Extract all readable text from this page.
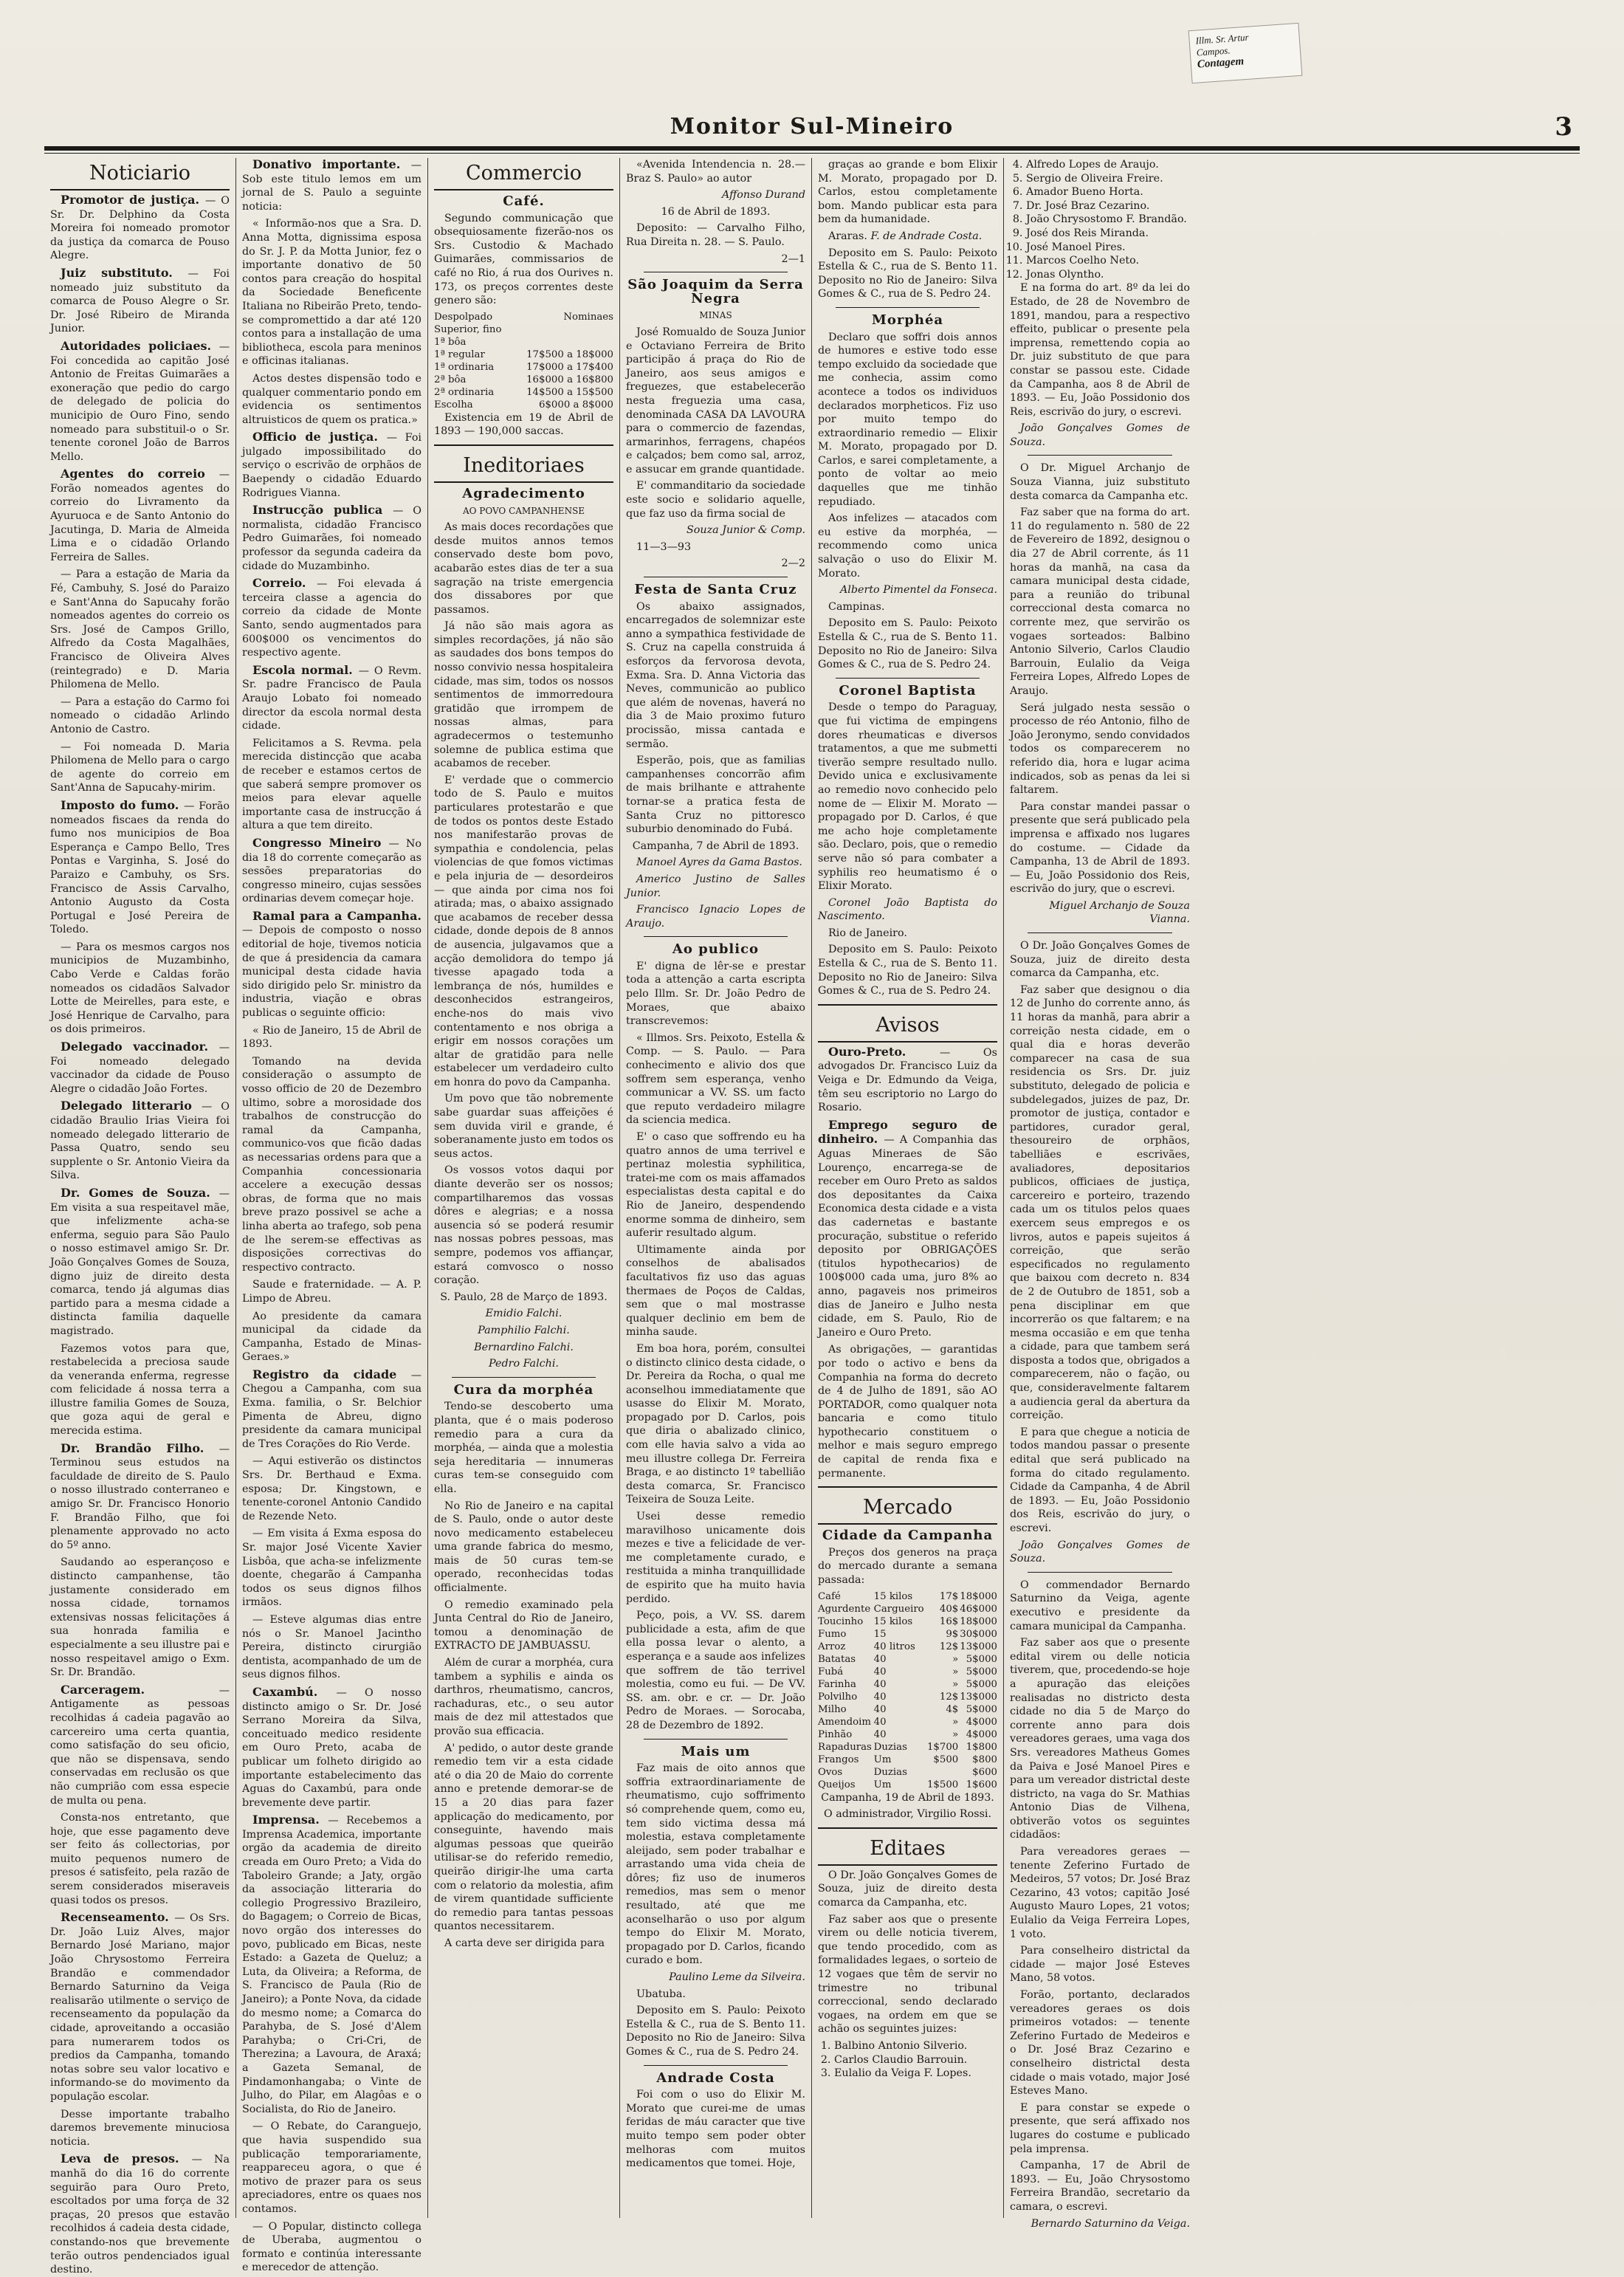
Illm. Sr. Artur
Campos.
Contagem
Monitor Sul-Mineiro	3
Noticiario

Promotor de justiça. — O Sr. Dr. Delphino da Costa Moreira foi nomeado promotor da justiça da comarca de Pouso Alegre.

Juiz substituto. — Foi nomeado juiz substituto da comarca de Pouso Alegre o Sr. Dr. José Ribeiro de Miranda Junior.

Autoridades policiaes. — Foi concedida ao capitão José Antonio de Freitas Guimarães a exoneração que pedio do cargo de delegado de policia do municipio de Ouro Fino, sendo nomeado para substituil-o o Sr. tenente coronel João de Barros Mello.

Agentes do correio — Forão nomeados agentes do correio do Livramento da Ayuruoca e de Santo Antonio do Jacutinga, D. Maria de Almeida Lima e o cidadão Orlando Ferreira de Salles.

— Para a estação de Maria da Fé, Cambuhy, S. José do Paraizo e Sant'Anna do Sapucahy forão nomeados agentes do correio os Srs. José de Campos Grillo, Alfredo da Costa Magalhães, Francisco de Oliveira Alves (reintegrado) e D. Maria Philomena de Mello.

— Para a estação do Carmo foi nomeado o cidadão Arlindo Antonio de Castro.

— Foi nomeada D. Maria Philomena de Mello para o cargo de agente do correio em Sant'Anna de Sapucahy-mirim.

Imposto do fumo. — Forão nomeados fiscaes da renda do fumo nos municipios de Boa Esperança e Campo Bello, Tres Pontas e Varginha, S. José do Paraizo e Cambuhy, os Srs. Francisco de Assis Carvalho, Antonio Augusto da Costa Portugal e José Pereira de Toledo.

— Para os mesmos cargos nos municipios de Muzambinho, Cabo Verde e Caldas forão nomeados os cidadãos Salvador Lotte de Meirelles, para este, e José Henrique de Carvalho, para os dois primeiros.

Delegado vaccinador. — Foi nomeado delegado vaccinador da cidade de Pouso Alegre o cidadão João Fortes.

Delegado litterario — O cidadão Braulio Irias Vieira foi nomeado delegado litterario de Passa Quatro, sendo seu supplente o Sr. Antonio Vieira da Silva.

Dr. Gomes de Souza. — Em visita a sua respeitavel mãe, que infelizmente acha-se enferma, seguio para São Paulo o nosso estimavel amigo Sr. Dr. João Gonçalves Gomes de Souza, digno juiz de direito desta comarca, tendo já algumas dias partido para a mesma cidade a distincta familia daquelle magistrado.

Fazemos votos para que, restabelecida a preciosa saude da veneranda enferma, regresse com felicidade á nossa terra a illustre familia Gomes de Souza, que goza aqui de geral e merecida estima.

Dr. Brandão Filho. — Terminou seus estudos na faculdade de direito de S. Paulo o nosso illustrado conterraneo e amigo Sr. Dr. Francisco Honorio F. Brandão Filho, que foi plenamente approvado no acto do 5º anno.

Saudando ao esperançoso e distincto campanhense, tão justamente considerado em nossa cidade, tornamos extensivas nossas felicitações á sua honrada familia e especialmente a seu illustre pai e nosso respeitavel amigo o Exm. Sr. Dr. Brandão.

Carceragem. — Antigamente as pessoas recolhidas á cadeia pagavão ao carcereiro uma certa quantia, como satisfação do seu oficio, que não se dispensava, sendo conservadas em reclusão os que não cumprião com essa especie de multa ou pena.

Consta-nos entretanto, que hoje, que esse pagamento deve ser feito ás collectorias, por muito pequenos numero de presos é satisfeito, pela razão de serem considerados miseraveis quasi todos os presos.

Recenseamento. — Os Srs. Dr. João Luiz Alves, major Bernardo José Mariano, major João Chrysostomo Ferreira Brandão e commendador Bernardo Saturnino da Veiga realisarão utilmente o serviço de recenseamento da população da cidade, aproveitando a occasião para numerarem todos os predios da Campanha, tomando notas sobre seu valor locativo e informando-se do movimento da população escolar.

Desse importante trabalho daremos brevemente minuciosa noticia.

Leva de presos. — Na manhã do dia 16 do corrente seguirão para Ouro Preto, escoltados por uma força de 32 praças, 20 presos que estavão recolhidos á cadeia desta cidade, constando-nos que brevemente terão outros pendenciados igual destino.

Donativo importante. — Sob este titulo lemos em um jornal de S. Paulo a seguinte noticia:

« Informão-nos que a Sra. D. Anna Motta, dignissima esposa do Sr. J. P. da Motta Junior, fez o importante donativo de 50 contos para creação do hospital da Sociedade Beneficente Italiana no Ribeirão Preto, tendo-se compromettido a dar até 120 contos para a installação de uma bibliotheca, escola para meninos e officinas italianas.

Actos destes dispensão todo e qualquer commentario pondo em evidencia os sentimentos altruisticos de quem os pratica.»

Officio de justiça. — Foi julgado impossibilitado do serviço o escrivão de orphãos de Baependy o cidadão Eduardo Rodrigues Vianna.

Instrucção publica — O normalista, cidadão Francisco Pedro Guimarães, foi nomeado professor da segunda cadeira da cidade do Muzambinho.

Correio. — Foi elevada á terceira classe a agencia do correio da cidade de Monte Santo, sendo augmentados para 600$000 os vencimentos do respectivo agente.

Escola normal. — O Revm. Sr. padre Francisco de Paula Araujo Lobato foi nomeado director da escola normal desta cidade.

Felicitamos a S. Revma. pela merecida distincção que acaba de receber e estamos certos de que saberá sempre promover os meios para elevar aquelle importante casa de instrucção á altura a que tem direito.

Congresso Mineiro — No dia 18 do corrente começarão as sessões preparatorias do congresso mineiro, cujas sessões ordinarias devem começar hoje.

Ramal para a Campanha. — Depois de composto o nosso editorial de hoje, tivemos noticia de que á presidencia da camara municipal desta cidade havia sido dirigido pelo Sr. ministro da industria, viação e obras publicas o seguinte officio:

« Rio de Janeiro, 15 de Abril de 1893.

Tomando na devida consideração o assumpto de vosso officio de 20 de Dezembro ultimo, sobre a morosidade dos trabalhos de construcção do ramal da Campanha, communico-vos que ficão dadas as necessarias ordens para que a Companhia concessionaria accelere a execução dessas obras, de forma que no mais breve prazo possivel se ache a linha aberta ao trafego, sob pena de lhe serem-se effectivas as disposições correctivas do respectivo contracto.

Saude e fraternidade. — A. P. Limpo de Abreu.

Ao presidente da camara municipal da cidade da Campanha, Estado de Minas-Geraes.»

Registro da cidade — Chegou a Campanha, com sua Exma. familia, o Sr. Belchior Pimenta de Abreu, digno presidente da camara municipal de Tres Corações do Rio Verde.

— Aqui estiverão os distinctos Srs. Dr. Berthaud e Exma. esposa; Dr. Kingstown, e tenente-coronel Antonio Candido de Rezende Neto.

— Em visita á Exma esposa do Sr. major José Vicente Xavier Lisbôa, que acha-se infelizmente doente, chegarão á Campanha todos os seus dignos filhos irmãos.

— Esteve algumas dias entre nós o Sr. Manoel Jacintho Pereira, distincto cirurgião dentista, acompanhado de um de seus dignos filhos.

Caxambú. — O nosso distincto amigo o Sr. Dr. José Serrano Moreira da Silva, conceituado medico residente em Ouro Preto, acaba de publicar um folheto dirigido ao importante estabelecimento das Aguas do Caxambú, para onde brevemente deve partir.

Imprensa. — Recebemos a Imprensa Academica, importante orgão da academia de direito creada em Ouro Preto; a Vida do Taboleiro Grande; a Jaty, orgão da associação litteraria do collegio Progressivo Brazileiro, do Bagagem; o Correio de Bicas, novo orgão dos interesses do povo, publicado em Bicas, neste Estado: a Gazeta de Queluz; a Luta, da Oliveira; a Reforma, de S. Francisco de Paula (Rio de Janeiro); a Ponte Nova, da cidade do mesmo nome; a Comarca do Parahyba, de S. José d'Alem Parahyba; o Cri-Cri, de Therezina; a Lavoura, de Araxá; a Gazeta Semanal, de Pindamonhangaba; o Vinte de Julho, do Pilar, em Alagôas e o Socialista, do Rio de Janeiro.

— O Rebate, do Caranguejo, que havia suspendido sua publicação temporariamente, reappareceu agora, o que é motivo de prazer para os seus apreciadores, entre os quaes nos contamos.

— O Popular, distincto collega de Uberaba, augmentou o formato e continúa interessante e merecedor de attenção.

Commercio
Café.

Segundo communicação que obsequiosamente fizerão-nos os Srs. Custodio & Machado Guimarães, commissarios de café no Rio, á rua dos Ourives n. 173, os preços correntes deste genero são:

Despolpado	Nominaes
Superior, fino	
1ª bôa	
1ª regular	17$500 a 18$000
1ª ordinaria	17$000 a 17$400
2ª bôa	16$000 a 16$800
2ª ordinaria	14$500 a 15$500
Escolha	6$000 a 8$000

Existencia em 19 de Abril de 1893 — 190,000 saccas.

Ineditoriaes
Agradecimento

AO POVO CAMPANHENSE

As mais doces recordações que desde muitos annos temos conservado deste bom povo, acabarão estes dias de ter a sua sagração na triste emergencia dos dissabores por que passamos.

Já não são mais agora as simples recordações, já não são as saudades dos bons tempos do nosso convivio nessa hospitaleira cidade, mas sim, todos os nossos sentimentos de immorredoura gratidão que irrompem de nossas almas, para agradecermos o testemunho solemne de publica estima que acabamos de receber.

E' verdade que o commercio todo de S. Paulo e muitos particulares protestarão e que de todos os pontos deste Estado nos manifestarão provas de sympathia e condolencia, pelas violencias de que fomos victimas e pela injuria de — desordeiros — que ainda por cima nos foi atirada; mas, o abaixo assignado que acabamos de receber dessa cidade, donde depois de 8 annos de ausencia, julgavamos que a acção demolidora do tempo já tivesse apagado toda a lembrança de nós, humildes e desconhecidos estrangeiros, enche-nos do mais vivo contentamento e nos obriga a erigir em nossos corações um altar de gratidão para nelle estabelecer um verdadeiro culto em honra do povo da Campanha.

Um povo que tão nobremente sabe guardar suas affeições é sem duvida viril e grande, é soberanamente justo em todos os seus actos.

Os vossos votos daqui por diante deverão ser os nossos; compartilharemos das vossas dôres e alegrias; e a nossa ausencia só se poderá resumir nas nossas pobres pessoas, mas sempre, podemos vos affiançar, estará comvosco o nosso coração.

S. Paulo, 28 de Março de 1893.

Emidio Falchi.

Pamphilio Falchi.

Bernardino Falchi.

Pedro Falchi.

Cura da morphéa

Tendo-se descoberto uma planta, que é o mais poderoso remedio para a cura da morphéa, — ainda que a molestia seja hereditaria — innumeras curas tem-se conseguido com ella.

No Rio de Janeiro e na capital de S. Paulo, onde o autor deste novo medicamento estabeleceu uma grande fabrica do mesmo, mais de 50 curas tem-se operado, reconhecidas todas officialmente.

O remedio examinado pela Junta Central do Rio de Janeiro, tomou a denominação de EXTRACTO DE JAMBUASSU.

Além de curar a morphéa, cura tambem a syphilis e ainda os darthros, rheumatismo, cancros, rachaduras, etc., o seu autor mais de dez mil attestados que provão sua efficacia.

A' pedido, o autor deste grande remedio tem vir a esta cidade até o dia 20 de Maio do corrente anno e pretende demorar-se de 15 a 20 dias para fazer applicação do medicamento, por conseguinte, havendo mais algumas pessoas que queirão utilisar-se do referido remedio, queirão dirigir-lhe uma carta com o relatorio da molestia, afim de virem quantidade sufficiente do remedio para tantas pessoas quantos necessitarem.

A carta deve ser dirigida para

«Avenida Intendencia n. 28.—Braz S. Paulo» ao autor

Affonso Durand

16 de Abril de 1893.

Deposito: — Carvalho Filho, Rua Direita n. 28. — S. Paulo.

2—1

São Joaquim da Serra Negra

MINAS

José Romualdo de Souza Junior e Octaviano Ferreira de Brito participão á praça do Rio de Janeiro, aos seus amigos e freguezes, que estabelecerão nesta freguezia uma casa, denominada CASA DA LAVOURA para o commercio de fazendas, armarinhos, ferragens, chapéos e calçados; bem como sal, arroz, e assucar em grande quantidade.

E' commanditario da sociedade este socio e solidario aquelle, que faz uso da firma social de

Souza Junior & Comp.

11—3—93

2—2

Festa de Santa Cruz

Os abaixo assignados, encarregados de solemnizar este anno a sympathica festividade de S. Cruz na capella construida á esforços da fervorosa devota, Exma. Sra. D. Anna Victoria das Neves, communicão ao publico que além de novenas, haverá no dia 3 de Maio proximo futuro procissão, missa cantada e sermão.

Esperão, pois, que as familias campanhenses concorrão afim de mais brilhante e attrahente tornar-se a pratica festa de Santa Cruz no pittoresco suburbio denominado do Fubá.

Campanha, 7 de Abril de 1893.

Manoel Ayres da Gama Bastos.

Americo Justino de Salles Junior.

Francisco Ignacio Lopes de Araujo.

Ao publico

E' digna de lêr-se e prestar toda a attenção a carta escripta pelo Illm. Sr. Dr. João Pedro de Moraes, que abaixo transcrevemos:

« Illmos. Srs. Peixoto, Estella & Comp. — S. Paulo. — Para conhecimento e alivio dos que soffrem sem esperança, venho communicar a VV. SS. um facto que reputo verdadeiro milagre da sciencia medica.

E' o caso que soffrendo eu ha quatro annos de uma terrivel e pertinaz molestia syphilitica, tratei-me com os mais affamados especialistas desta capital e do Rio de Janeiro, despendendo enorme somma de dinheiro, sem auferir resultado algum.

Ultimamente ainda por conselhos de abalisados facultativos fiz uso das aguas thermaes de Poços de Caldas, sem que o mal mostrasse qualquer declinio em bem de minha saude.

Em boa hora, porém, consultei o distincto clinico desta cidade, o Dr. Pereira da Rocha, o qual me aconselhou immediatamente que usasse do Elixir M. Morato, propagado por D. Carlos, pois que diria o abalizado clinico, com elle havia salvo a vida ao meu illustre collega Dr. Ferreira Braga, e ao distincto 1º tabellião desta comarca, Sr. Francisco Teixeira de Souza Leite.

Usei desse remedio maravilhoso unicamente dois mezes e tive a felicidade de ver-me completamente curado, e restituida a minha tranquillidade de espirito que ha muito havia perdido.

Peço, pois, a VV. SS. darem publicidade a esta, afim de que ella possa levar o alento, a esperança e a saude aos infelizes que soffrem de tão terrivel molestia, como eu fui. — De VV. SS. am. obr. e cr. — Dr. João Pedro de Moraes. — Sorocaba, 28 de Dezembro de 1892.

Mais um

Faz mais de oito annos que soffria extraordinariamente de rheumatismo, cujo soffrimento só comprehende quem, como eu, tem sido victima dessa má molestia, estava completamente aleijado, sem poder trabalhar e arrastando uma vida cheia de dôres; fiz uso de inumeros remedios, mas sem o menor resultado, até que me aconselharão o uso por algum tempo do Elixir M. Morato, propagado por D. Carlos, ficando curado e bom.

Paulino Leme da Silveira.

Ubatuba.

Deposito em S. Paulo: Peixoto Estella & C., rua de S. Bento 11. Deposito no Rio de Janeiro: Silva Gomes & C., rua de S. Pedro 24.

Andrade Costa

Foi com o uso do Elixir M. Morato que curei-me de umas feridas de máu caracter que tive muito tempo sem poder obter melhoras com muitos medicamentos que tomei. Hoje,

graças ao grande e bom Elixir M. Morato, propagado por D. Carlos, estou completamente bom. Mando publicar esta para bem da humanidade.

Araras. F. de Andrade Costa.

Deposito em S. Paulo: Peixoto Estella & C., rua de S. Bento 11. Deposito no Rio de Janeiro: Silva Gomes & C., rua de S. Pedro 24.

Morphéa

Declaro que soffri dois annos de humores e estive todo esse tempo excluido da sociedade que me conhecia, assim como acontece a todos os individuos declarados morpheticos. Fiz uso por muito tempo do extraordinario remedio — Elixir M. Morato, propagado por D. Carlos, e sarei completamente, a ponto de voltar ao meio daquelles que me tinhão repudiado.

Aos infelizes — atacados com eu estive da morphéa, — recommendo como unica salvação o uso do Elixir M. Morato.

Alberto Pimentel da Fonseca.

Campinas.

Deposito em S. Paulo: Peixoto Estella & C., rua de S. Bento 11. Deposito no Rio de Janeiro: Silva Gomes & C., rua de S. Pedro 24.

Coronel Baptista

Desde o tempo do Paraguay, que fui victima de empingens dores rheumaticas e diversos tratamentos, a que me submetti tiverão sempre resultado nullo. Devido unica e exclusivamente ao remedio novo conhecido pelo nome de — Elixir M. Morato — propagado por D. Carlos, é que me acho hoje completamente são. Declaro, pois, que o remedio serve não só para combater a syphilis reo heumatismo é o Elixir Morato.

Coronel João Baptista do Nascimento.

Rio de Janeiro.

Deposito em S. Paulo: Peixoto Estella & C., rua de S. Bento 11. Deposito no Rio de Janeiro: Silva Gomes & C., rua de S. Pedro 24.

Avisos

Ouro-Preto. — Os advogados Dr. Francisco Luiz da Veiga e Dr. Edmundo da Veiga, têm seu escriptorio no Largo do Rosario.

Emprego seguro de dinheiro. — A Companhia das Aguas Mineraes de São Lourenço, encarrega-se de receber em Ouro Preto as saldos dos depositantes da Caixa Economica desta cidade e a vista das cadernetas e bastante procuração, substitue o referido deposito por OBRIGAÇÕES (titulos hypothecarios) de 100$000 cada uma, juro 8% ao anno, pagaveis nos primeiros dias de Janeiro e Julho nesta cidade, em S. Paulo, Rio de Janeiro e Ouro Preto.

As obrigações, — garantidas por todo o activo e bens da Companhia na forma do decreto de 4 de Julho de 1891, são AO PORTADOR, como qualquer nota bancaria e como titulo hypothecario constituem o melhor e mais seguro emprego de capital de renda fixa e permanente.

Mercado
Cidade da Campanha

Preços dos generos na praça do mercado durante a semana passada:

Café	15 kilos	17$	18$000
Agurdente	Cargueiro	40$	46$000
Toucinho	15 kilos	16$	18$000
Fumo	15	9$	30$000
Arroz	40 litros	12$	13$000
Batatas	40	»	5$000
Fubá	40	»	5$000
Farinha	40	»	5$000
Polvilho	40	12$	13$000
Milho	40	4$	5$000
Amendoim	40	»	4$000
Pinhão	40	»	4$000
Rapaduras	Duzias	1$700	1$800
Frangos	Um	$500	$800
Ovos	Duzias		$600
Queijos	Um	1$500	1$600

Campanha, 19 de Abril de 1893.

O administrador, Virgilio Rossi.

Editaes

O Dr. João Gonçalves Gomes de Souza, juiz de direito desta comarca da Campanha, etc.

Faz saber aos que o presente virem ou delle noticia tiverem, que tendo procedido, com as formalidades legaes, o sorteio de 12 vogaes que têm de servir no trimestre no tribunal correccional, sendo declarado vogaes, na ordem em que se achão os seguintes juizes:

1. Balbino Antonio Silverio.
2. Carlos Claudio Barrouin.
3. Eulalio da Veiga F. Lopes.
4. Alfredo Lopes de Araujo.
5. Sergio de Oliveira Freire.
6. Amador Bueno Horta.
7. Dr. José Braz Cezarino.
8. João Chrysostomo F. Brandão.
9. José dos Reis Miranda.
10. José Manoel Pires.
11. Marcos Coelho Neto.
12. Jonas Olyntho.

E na forma do art. 8º da lei do Estado, de 28 de Novembro de 1891, mandou, para a respectivo effeito, publicar o presente pela imprensa, remettendo copia ao Dr. juiz substituto de que para constar se passou este. Cidade da Campanha, aos 8 de Abril de 1893. — Eu, João Possidonio dos Reis, escrivão do jury, o escrevi.

João Gonçalves Gomes de Souza.

O Dr. Miguel Archanjo de Souza Vianna, juiz substituto desta comarca da Campanha etc.

Faz saber que na forma do art. 11 do regulamento n. 580 de 22 de Fevereiro de 1892, designou o dia 27 de Abril corrente, ás 11 horas da manhã, na casa da camara municipal desta cidade, para a reunião do tribunal correccional desta comarca no corrente mez, que servirão os vogaes sorteados: Balbino Antonio Silverio, Carlos Claudio Barrouin, Eulalio da Veiga Ferreira Lopes, Alfredo Lopes de Araujo.

Será julgado nesta sessão o processo de réo Antonio, filho de João Jeronymo, sendo convidados todos os comparecerem no referido dia, hora e lugar acima indicados, sob as penas da lei si faltarem.

Para constar mandei passar o presente que será publicado pela imprensa e affixado nos lugares do costume. — Cidade da Campanha, 13 de Abril de 1893. — Eu, João Possidonio dos Reis, escrivão do jury, que o escrevi.

Miguel Archanjo de Souza Vianna.

O Dr. João Gonçalves Gomes de Souza, juiz de direito desta comarca da Campanha, etc.

Faz saber que designou o dia 12 de Junho do corrente anno, ás 11 horas da manhã, para abrir a correição nesta cidade, em o qual dia e horas deverão comparecer na casa de sua residencia os Srs. Dr. juiz substituto, delegado de policia e subdelegados, juizes de paz, Dr. promotor de justiça, contador e partidores, curador geral, thesoureiro de orphãos, tabelliães e escrivães, avaliadores, depositarios publicos, officiaes de justiça, carcereiro e porteiro, trazendo cada um os titulos pelos quaes exercem seus empregos e os livros, autos e papeis sujeitos á correição, que serão especificados no regulamento que baixou com decreto n. 834 de 2 de Outubro de 1851, sob a pena disciplinar em que incorrerão os que faltarem; e na mesma occasião e em que tenha a cidade, para que tambem será disposta a todos que, obrigados a comparecerem, não o fação, ou que, consideravelmente faltarem a audiencia geral da abertura da correição.

E para que chegue a noticia de todos mandou passar o presente edital que será publicado na forma do citado regulamento. Cidade da Campanha, 4 de Abril de 1893. — Eu, João Possidonio dos Reis, escrivão do jury, o escrevi.

João Gonçalves Gomes de Souza.

O commendador Bernardo Saturnino da Veiga, agente executivo e presidente da camara municipal da Campanha.

Faz saber aos que o presente edital virem ou delle noticia tiverem, que, procedendo-se hoje a apuração das eleições realisadas no districto desta cidade no dia 5 de Março do corrente anno para dois vereadores geraes, uma vaga dos Srs. vereadores Matheus Gomes da Paiva e José Manoel Pires e para um vereador districtal deste districto, na vaga do Sr. Mathias Antonio Dias de Vilhena, obtiverão votos os seguintes cidadãos:

Para vereadores geraes — tenente Zeferino Furtado de Medeiros, 57 votos; Dr. José Braz Cezarino, 43 votos; capitão José Augusto Mauro Lopes, 21 votos; Eulalio da Veiga Ferreira Lopes, 1 voto.

Para conselheiro districtal da cidade — major José Esteves Mano, 58 votos.

Forão, portanto, declarados vereadores geraes os dois primeiros votados: — tenente Zeferino Furtado de Medeiros e o Dr. José Braz Cezarino e conselheiro districtal desta cidade o mais votado, major José Esteves Mano.

E para constar se expede o presente, que será affixado nos lugares do costume e publicado pela imprensa.

Campanha, 17 de Abril de 1893. — Eu, João Chrysostomo Ferreira Brandão, secretario da camara, o escrevi.

Bernardo Saturnino da Veiga.
